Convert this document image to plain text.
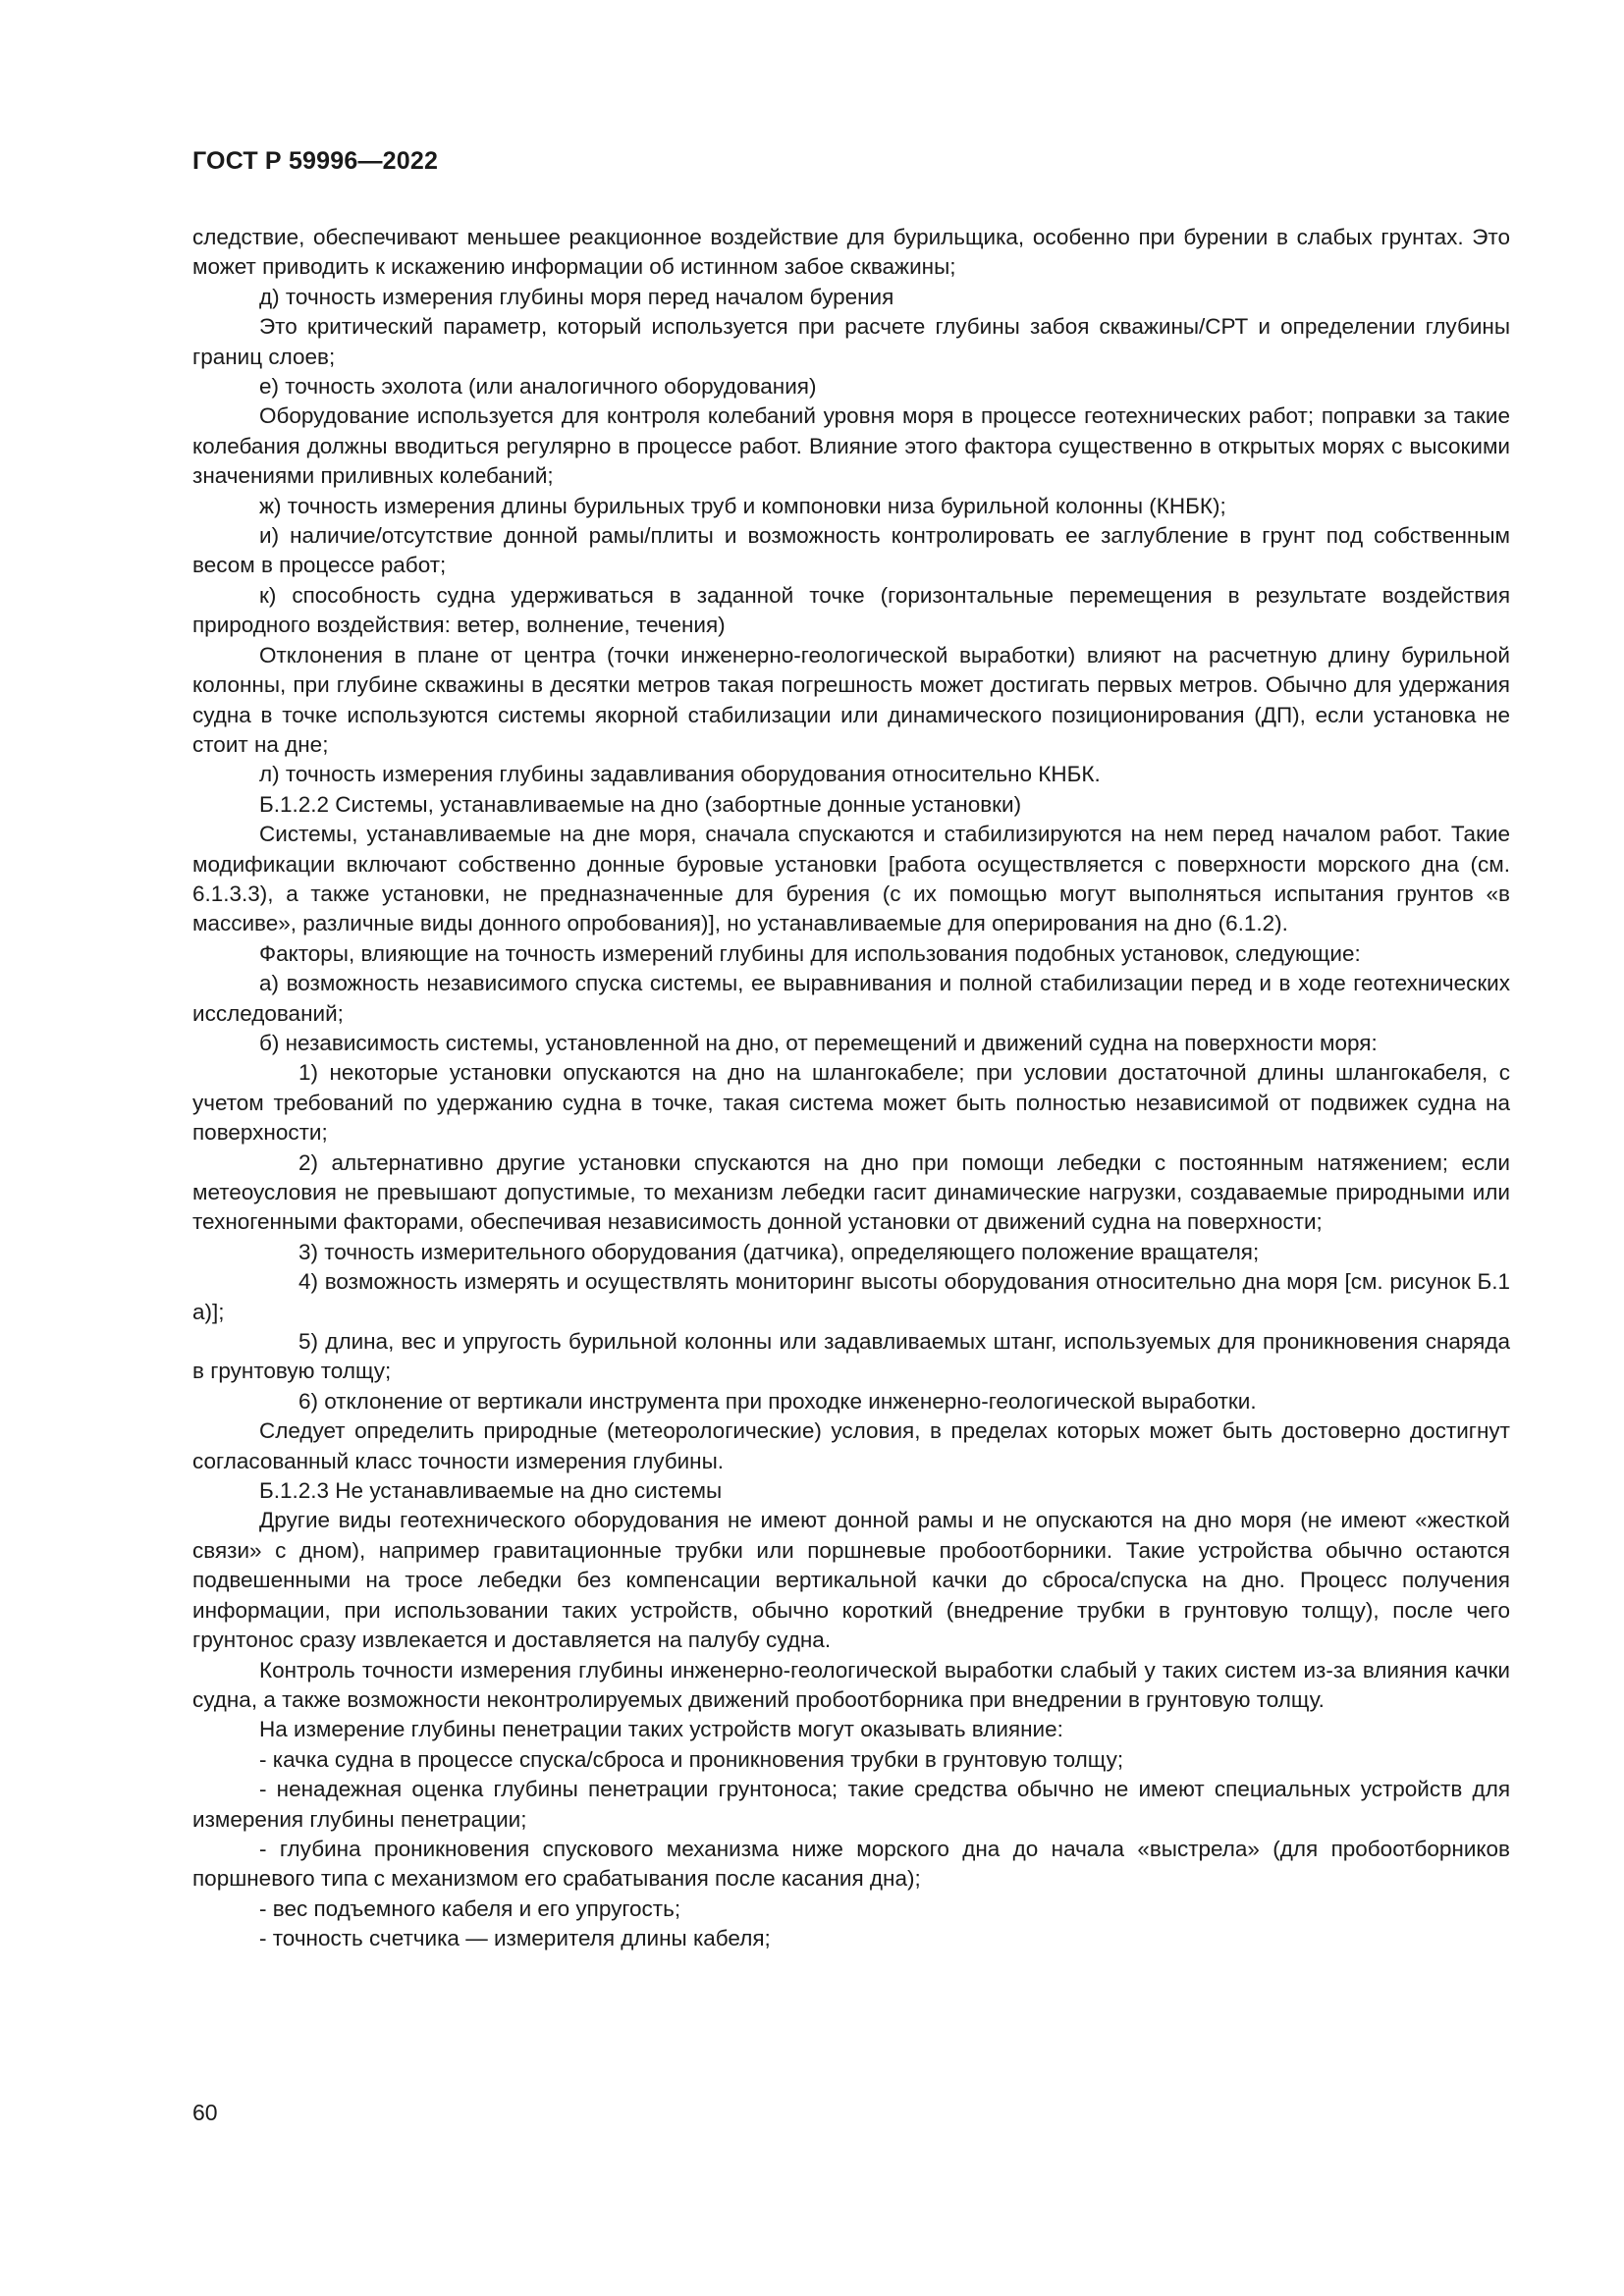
ГОСТ Р 59996—2022

следствие, обеспечивают меньшее реакционное воздействие для бурильщика, особенно при бурении в слабых грунтах. Это может приводить к искажению информации об истинном забое скважины;

д) точность измерения глубины моря перед началом бурения

Это критический параметр, который используется при расчете глубины забоя скважины/СРТ и определении глубины границ слоев;

е) точность эхолота (или аналогичного оборудования)

Оборудование используется для контроля колебаний уровня моря в процессе геотехнических работ; поправки за такие колебания должны вводиться регулярно в процессе работ. Влияние этого фактора существенно в открытых морях с высокими значениями приливных колебаний;

ж) точность измерения длины бурильных труб и компоновки низа бурильной колонны (КНБК);

и) наличие/отсутствие донной рамы/плиты и возможность контролировать ее заглубление в грунт под собственным весом в процессе работ;

к) способность судна удерживаться в заданной точке (горизонтальные перемещения в результате воздействия природного воздействия: ветер, волнение, течения)

Отклонения в плане от центра (точки инженерно-геологической выработки) влияют на расчетную длину бурильной колонны, при глубине скважины в десятки метров такая погрешность может достигать первых метров. Обычно для удержания судна в точке используются системы якорной стабилизации или динамического позиционирования (ДП), если установка не стоит на дне;

л) точность измерения глубины задавливания оборудования относительно КНБК.

Б.1.2.2 Системы, устанавливаемые на дно (забортные донные установки)

Системы, устанавливаемые на дне моря, сначала спускаются и стабилизируются на нем перед началом работ. Такие модификации включают собственно донные буровые установки [работа осуществляется с поверхности морского дна (см. 6.1.3.3), а также установки, не предназначенные для бурения (с их помощью могут выполняться испытания грунтов «в массиве», различные виды донного опробования)], но устанавливаемые для оперирования на дно (6.1.2).

Факторы, влияющие на точность измерений глубины для использования подобных установок, следующие:

а) возможность независимого спуска системы, ее выравнивания и полной стабилизации перед и в ходе геотехнических исследований;

б) независимость системы, установленной на дно, от перемещений и движений судна на поверхности моря:

1) некоторые установки опускаются на дно на шлангокабеле; при условии достаточной длины шлангокабеля, с учетом требований по удержанию судна в точке, такая система может быть полностью независимой от подвижек судна на поверхности;

2) альтернативно другие установки спускаются на дно при помощи лебедки с постоянным натяжением; если метеоусловия не превышают допустимые, то механизм лебедки гасит динамические нагрузки, создаваемые природными или техногенными факторами, обеспечивая независимость донной установки от движений судна на поверхности;

3) точность измерительного оборудования (датчика), определяющего положение вращателя;

4) возможность измерять и осуществлять мониторинг высоты оборудования относительно дна моря [см. рисунок Б.1 а)];

5) длина, вес и упругость бурильной колонны или задавливаемых штанг, используемых для проникновения снаряда в грунтовую толщу;

6) отклонение от вертикали инструмента при проходке инженерно-геологической выработки.

Следует определить природные (метеорологические) условия, в пределах которых может быть достоверно достигнут согласованный класс точности измерения глубины.

Б.1.2.3 Не устанавливаемые на дно системы

Другие виды геотехнического оборудования не имеют донной рамы и не опускаются на дно моря (не имеют «жесткой связи» с дном), например гравитационные трубки или поршневые пробоотборники. Такие устройства обычно остаются подвешенными на тросе лебедки без компенсации вертикальной качки до сброса/спуска на дно. Процесс получения информации, при использовании таких устройств, обычно короткий (внедрение трубки в грунтовую толщу), после чего грунтонос сразу извлекается и доставляется на палубу судна.

Контроль точности измерения глубины инженерно-геологической выработки слабый у таких систем из-за влияния качки судна, а также возможности неконтролируемых движений пробоотборника при внедрении в грунтовую толщу.

На измерение глубины пенетрации таких устройств могут оказывать влияние:

- качка судна в процессе спуска/сброса и проникновения трубки в грунтовую толщу;

- ненадежная оценка глубины пенетрации грунтоноса; такие средства обычно не имеют специальных устройств для измерения глубины пенетрации;

- глубина проникновения спускового механизма ниже морского дна до начала «выстрела» (для пробоотборников поршневого типа с механизмом его срабатывания после касания дна);

- вес подъемного кабеля и его упругость;

- точность счетчика — измерителя длины кабеля;

60
